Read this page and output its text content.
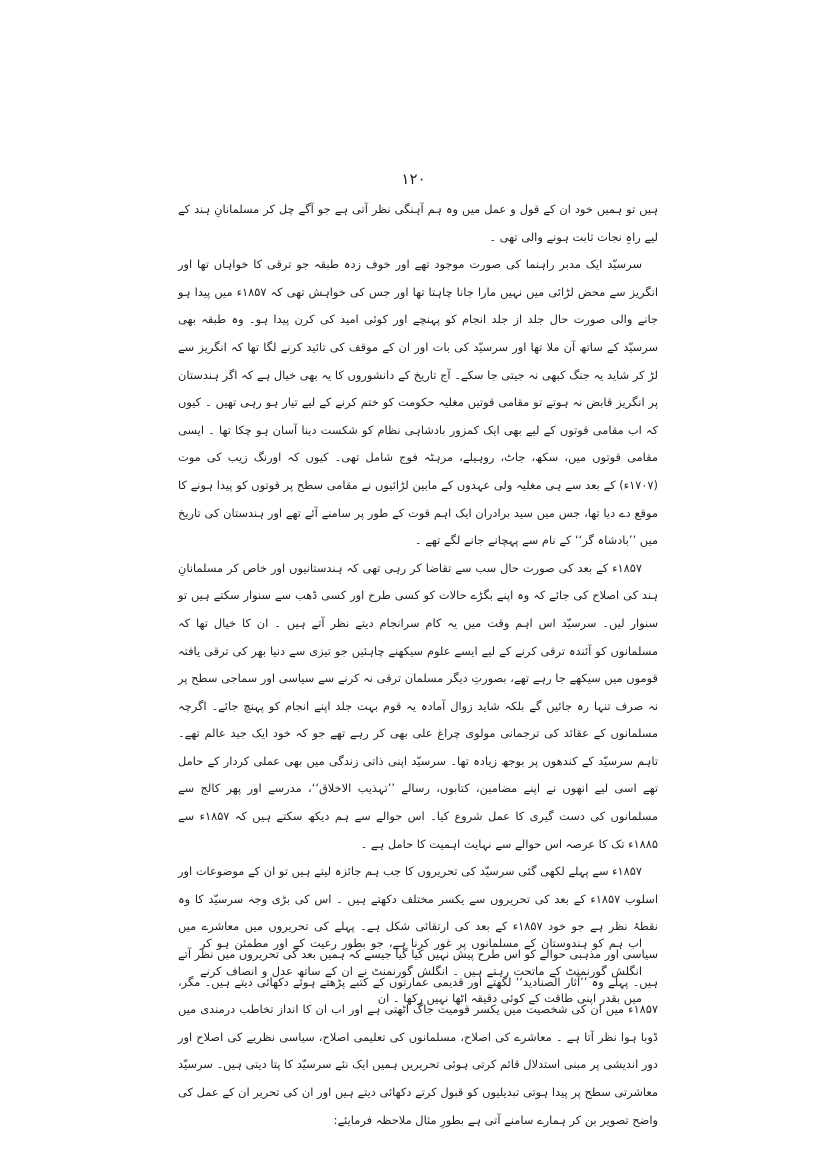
۱۲۰

ہیں تو ہمیں خود ان کے قول و عمل میں وہ ہم آہنگی نظر آتی ہے جو آگے چل کر مسلمانانِ ہند کے لیے راہِ نجات ثابت ہونے والی تھی ۔

سرسیّد ایک مدبر راہنما کی صورت موجود تھے اور خوف زدہ طبقہ جو ترقی کا خواہاں تھا اور انگریز سے محض لڑائی میں نہیں مارا جانا چاہتا تھا اور جس کی خواہش تھی کہ ۱۸۵۷ء میں پیدا ہو جانے والی صورت حال جلد از جلد انجام کو پہنچے اور کوئی امید کی کرن پیدا ہو۔ وہ طبقہ بھی سرسیّد کے ساتھ آن ملا تھا اور سرسیّد کی بات اور ان کے موقف کی تائید کرنے لگا تھا کہ انگریز سے لڑ کر شاید یہ جنگ کبھی نہ جیتی جا سکے۔ آج تاریخ کے دانشوروں کا یہ بھی خیال ہے کہ اگر ہندستان پر انگریز قابض نہ ہوتے تو مقامی قوتیں مغلیہ حکومت کو ختم کرنے کے لیے تیار ہو رہی تھیں ۔ کیوں کہ اب مقامی قوتوں کے لیے بھی ایک کمزور بادشاہی نظام کو شکست دینا آسان ہو چکا تھا ۔ ایسی مقامی قوتوں میں، سکھ، جاٹ، روہیلے، مرہٹہ فوج شامل تھی۔ کیوں کہ اورنگ زیب کی موت (۱۷۰۷ء) کے بعد سے ہی مغلیہ ولی عہدوں کے مابین لڑائیوں نے مقامی سطح پر قوتوں کو پیدا ہونے کا موقع دے دیا تھا، جس میں سید برادران ایک اہم قوت کے طور پر سامنے آئے تھے اور ہندستان کی تاریخ میں ’’بادشاہ گر‘‘ کے نام سے پہچانے جانے لگے تھے ۔

۱۸۵۷ء کے بعد کی صورت حال سب سے تقاضا کر رہی تھی کہ ہندستانیوں اور خاص کر مسلمانانِ ہند کی اصلاح کی جائے کہ وہ اپنے بگڑے حالات کو کسی طرح اور کسی ڈھب سے سنوار سکتے ہیں تو سنوار لیں۔ سرسیّد اس اہم وقت میں یہ کام سرانجام دیتے نظر آتے ہیں ۔ ان کا خیال تھا کہ مسلمانوں کو آئندہ ترقی کرنے کے لیے ایسے علوم سیکھنے چاہئیں جو تیزی سے دنیا بھر کی ترقی یافتہ قوموں میں سیکھے جا رہے تھے، بصورتِ دیگر مسلمان ترقی نہ کرنے سے سیاسی اور سماجی سطح پر نہ صرف تنہا رہ جائیں گے بلکہ شاید زوال آمادہ یہ قوم بہت جلد اپنے انجام کو پہنچ جائے۔ اگرچہ مسلمانوں کے عقائد کی ترجمانی مولوی چراغ علی بھی کر رہے تھے جو کہ خود ایک جید عالم تھے۔ تاہم سرسیّد کے کندھوں پر بوجھ زیادہ تھا۔ سرسیّد اپنی ذاتی زندگی میں بھی عملی کردار کے حامل تھے اسی لیے انھوں نے اپنے مضامین، کتابوں، رسالے ’’تہذیب الاخلاق‘‘، مدرسے اور پھر کالج سے مسلمانوں کی دست گیری کا عمل شروع کیا۔ اس حوالے سے ہم دیکھ سکتے ہیں کہ ۱۸۵۷ء سے ۱۸۸۵ء تک کا عرصہ اس حوالے سے نہایت اہمیت کا حامل ہے ۔

۱۸۵۷ء سے پہلے لکھی گئی سرسیّد کی تحریروں کا جب ہم جائزہ لیتے ہیں تو ان کے موضوعات اور اسلوب ۱۸۵۷ء کے بعد کی تحریروں سے یکسر مختلف دکھتے ہیں ۔ اس کی بڑی وجہ سرسیّد کا وہ نقطۂ نظر ہے جو خود ۱۸۵۷ء کے بعد کی ارتقائی شکل ہے۔ پہلے کی تحریروں میں معاشرے میں سیاسی اور مذہبی حوالے کو اس طرح پیش نہیں کیا گیا جیسے کہ ہمیں بعد کی تحریروں میں نظر آتے ہیں۔ پہلے وہ ’’آثار الصنادید‘‘ لکھتے اور قدیمی عمارتوں کے کتبے پڑھتے ہوئے دکھائی دیتے ہیں۔ مگر، ۱۸۵۷ء میں ان کی شخصیت میں یکسر قومیت جاگ اٹھتی ہے اور اب ان کا انداز تخاطب درمندی میں ڈوبا ہوا نظر آتا ہے ۔ معاشرے کی اصلاح، مسلمانوں کی تعلیمی اصلاح، سیاسی نظریے کی اصلاح اور دور اندیشی پر مبنی استدلال قائم کرتی ہوئی تحریریں ہمیں ایک نئے سرسیّد کا پتا دیتی ہیں۔ سرسیّد معاشرتی سطح پر پیدا ہوتی تبدیلیوں کو قبول کرتے دکھائی دیتے ہیں اور ان کی تحریر ان کے عمل کی واضح تصویر بن کر ہمارے سامنے آتی ہے بطورِ مثال ملاحظہ فرمایئے:

اب ہم کو ہندوستان کے مسلمانوں پر غور کرنا ہے، جو بطور رعیت کے اور مطمئن ہو کر انگلش گورنمنٹ کے ماتحت رہتے ہیں ۔ انگلش گورنمنٹ نے ان کے ساتھ عدل و انصاف کرنے میں بقدر اپنی طاقت کے کوئی دقیقہ اٹھا نہیں رکھا ۔ ان
